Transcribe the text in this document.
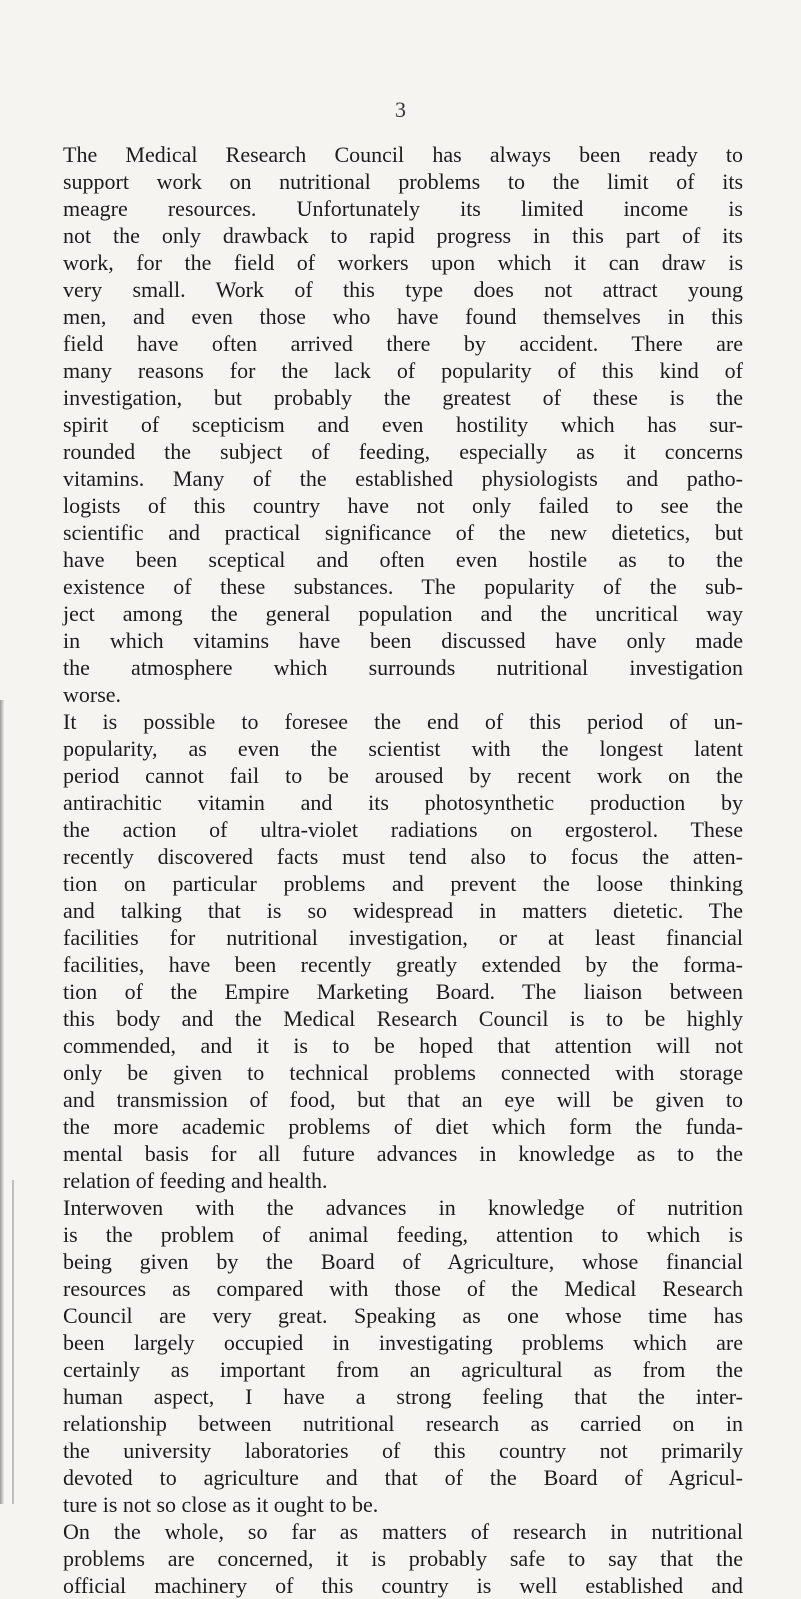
3
The Medical Research Council has always been ready to
support work on nutritional problems to the limit of its
meagre resources. Unfortunately its limited income is
not the only drawback to rapid progress in this part of its
work, for the field of workers upon which it can draw is
very small. Work of this type does not attract young
men, and even those who have found themselves in this
field have often arrived there by accident. There are
many reasons for the lack of popularity of this kind of
investigation, but probably the greatest of these is the
spirit of scepticism and even hostility which has sur-
rounded the subject of feeding, especially as it concerns
vitamins. Many of the established physiologists and patho-
logists of this country have not only failed to see the
scientific and practical significance of the new dietetics, but
have been sceptical and often even hostile as to the
existence of these substances. The popularity of the sub-
ject among the general population and the uncritical way
in which vitamins have been discussed have only made
the atmosphere which surrounds nutritional investigation
worse.
It is possible to foresee the end of this period of un-
popularity, as even the scientist with the longest latent
period cannot fail to be aroused by recent work on the
antirachitic vitamin and its photosynthetic production by
the action of ultra-violet radiations on ergosterol. These
recently discovered facts must tend also to focus the atten-
tion on particular problems and prevent the loose thinking
and talking that is so widespread in matters dietetic. The
facilities for nutritional investigation, or at least financial
facilities, have been recently greatly extended by the forma-
tion of the Empire Marketing Board. The liaison between
this body and the Medical Research Council is to be highly
commended, and it is to be hoped that attention will not
only be given to technical problems connected with storage
and transmission of food, but that an eye will be given to
the more academic problems of diet which form the funda-
mental basis for all future advances in knowledge as to the
relation of feeding and health.
Interwoven with the advances in knowledge of nutrition
is the problem of animal feeding, attention to which is
being given by the Board of Agriculture, whose financial
resources as compared with those of the Medical Research
Council are very great. Speaking as one whose time has
been largely occupied in investigating problems which are
certainly as important from an agricultural as from the
human aspect, I have a strong feeling that the inter-
relationship between nutritional research as carried on in
the university laboratories of this country not primarily
devoted to agriculture and that of the Board of Agricul-
ture is not so close as it ought to be.
On the whole, so far as matters of research in nutritional
problems are concerned, it is probably safe to say that the
official machinery of this country is well established and
